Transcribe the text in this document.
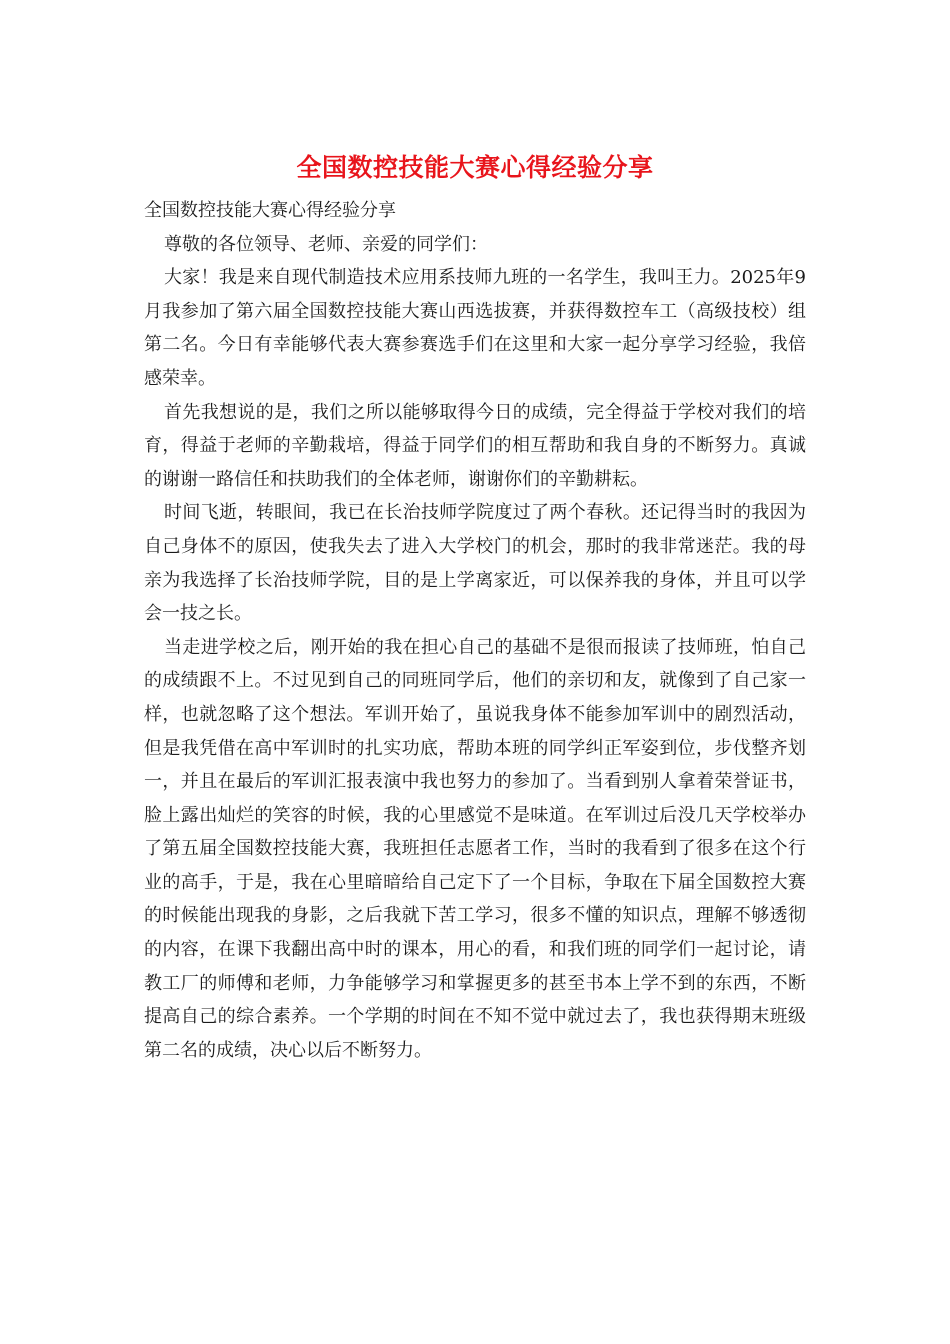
全国数控技能大赛心得经验分享

全国数控技能大赛心得经验分享

尊敬的各位领导、老师、亲爱的同学们：

大家！我是来自现代制造技术应用系技师九班的一名学生，我叫王力。2025年9月我参加了第六届全国数控技能大赛山西选拔赛，并获得数控车工（高级技校）组第二名。今日有幸能够代表大赛参赛选手们在这里和大家一起分享学习经验，我倍感荣幸。

首先我想说的是，我们之所以能够取得今日的成绩，完全得益于学校对我们的培育，得益于老师的辛勤栽培，得益于同学们的相互帮助和我自身的不断努力。真诚的谢谢一路信任和扶助我们的全体老师，谢谢你们的辛勤耕耘。

时间飞逝，转眼间，我已在长治技师学院度过了两个春秋。还记得当时的我因为自己身体不的原因，使我失去了进入大学校门的机会，那时的我非常迷茫。我的母亲为我选择了长治技师学院，目的是上学离家近，可以保养我的身体，并且可以学会一技之长。

当走进学校之后，刚开始的我在担心自己的基础不是很而报读了技师班，怕自己的成绩跟不上。不过见到自己的同班同学后，他们的亲切和友，就像到了自己家一样，也就忽略了这个想法。军训开始了，虽说我身体不能参加军训中的剧烈活动，但是我凭借在高中军训时的扎实功底，帮助本班的同学纠正军姿到位，步伐整齐划一，并且在最后的军训汇报表演中我也努力的参加了。当看到别人拿着荣誉证书，脸上露出灿烂的笑容的时候，我的心里感觉不是味道。在军训过后没几天学校举办了第五届全国数控技能大赛，我班担任志愿者工作，当时的我看到了很多在这个行业的高手，于是，我在心里暗暗给自己定下了一个目标，争取在下届全国数控大赛的时候能出现我的身影，之后我就下苦工学习，很多不懂的知识点，理解不够透彻的内容，在课下我翻出高中时的课本，用心的看，和我们班的同学们一起讨论，请教工厂的师傅和老师，力争能够学习和掌握更多的甚至书本上学不到的东西，不断提高自己的综合素养。一个学期的时间在不知不觉中就过去了，我也获得期末班级第二名的成绩，决心以后不断努力。
